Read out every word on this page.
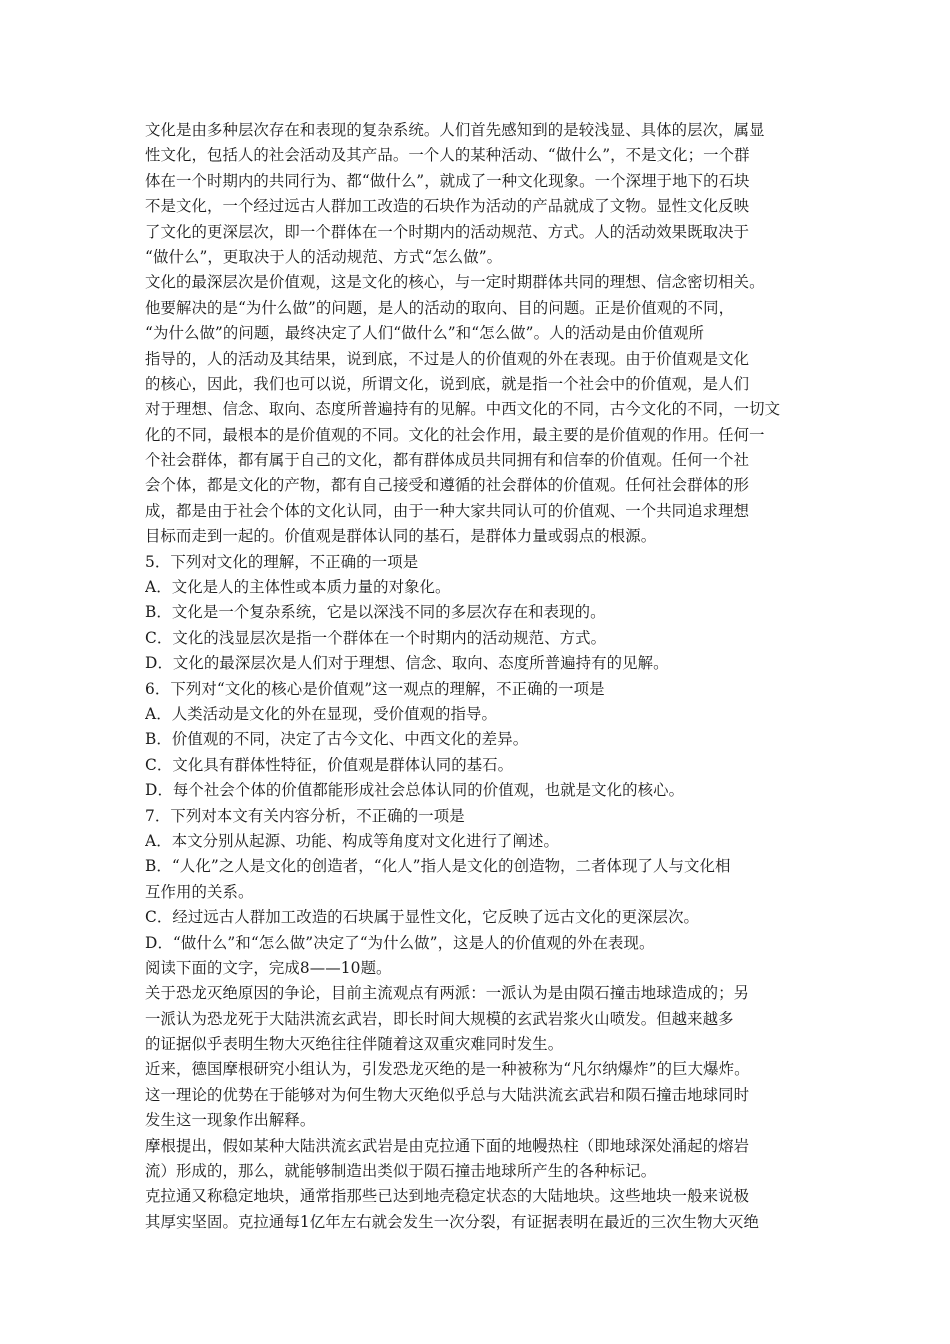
文化是由多种层次存在和表现的复杂系统。人们首先感知到的是较浅显、具体的层次，属显
性文化，包括人的社会活动及其产品。一个人的某种活动、“做什么”，不是文化；一个群
体在一个时期内的共同行为、都“做什么”，就成了一种文化现象。一个深埋于地下的石块
不是文化，一个经过远古人群加工改造的石块作为活动的产品就成了文物。显性文化反映
了文化的更深层次，即一个群体在一个时期内的活动规范、方式。人的活动效果既取决于
“做什么”，更取决于人的活动规范、方式“怎么做”。
文化的最深层次是价值观，这是文化的核心，与一定时期群体共同的理想、信念密切相关。
他要解决的是“为什么做”的问题，是人的活动的取向、目的问题。正是价值观的不同，
“为什么做”的问题，最终决定了人们“做什么”和“怎么做”。人的活动是由价值观所
指导的，人的活动及其结果，说到底，不过是人的价值观的外在表现。由于价值观是文化
的核心，因此，我们也可以说，所谓文化，说到底，就是指一个社会中的价值观，是人们
对于理想、信念、取向、态度所普遍持有的见解。中西文化的不同，古今文化的不同，一切文
化的不同，最根本的是价值观的不同。文化的社会作用，最主要的是价值观的作用。任何一
个社会群体，都有属于自己的文化，都有群体成员共同拥有和信奉的价值观。任何一个社
会个体，都是文化的产物，都有自己接受和遵循的社会群体的价值观。任何社会群体的形
成，都是由于社会个体的文化认同，由于一种大家共同认可的价值观、一个共同追求理想
目标而走到一起的。价值观是群体认同的基石，是群体力量或弱点的根源。
5．下列对文化的理解，不正确的一项是
A．文化是人的主体性或本质力量的对象化。
B．文化是一个复杂系统，它是以深浅不同的多层次存在和表现的。
C．文化的浅显层次是指一个群体在一个时期内的活动规范、方式。
D．文化的最深层次是人们对于理想、信念、取向、态度所普遍持有的见解。
6．下列对“文化的核心是价值观”这一观点的理解，不正确的一项是
A．人类活动是文化的外在显现，受价值观的指导。
B．价值观的不同，决定了古今文化、中西文化的差异。
C．文化具有群体性特征，价值观是群体认同的基石。
D．每个社会个体的价值都能形成社会总体认同的价值观，也就是文化的核心。
7．下列对本文有关内容分析，不正确的一项是
A．本文分别从起源、功能、构成等角度对文化进行了阐述。
B．“人化”之人是文化的创造者，“化人”指人是文化的创造物，二者体现了人与文化相
互作用的关系。
C．经过远古人群加工改造的石块属于显性文化，它反映了远古文化的更深层次。
D．“做什么”和“怎么做”决定了“为什么做”，这是人的价值观的外在表现。
阅读下面的文字，完成8——10题。
关于恐龙灭绝原因的争论，目前主流观点有两派：一派认为是由陨石撞击地球造成的；另
一派认为恐龙死于大陆洪流玄武岩，即长时间大规模的玄武岩浆火山喷发。但越来越多
的证据似乎表明生物大灭绝往往伴随着这双重灾难同时发生。
近来，德国摩根研究小组认为，引发恐龙灭绝的是一种被称为“凡尔纳爆炸”的巨大爆炸。
这一理论的优势在于能够对为何生物大灭绝似乎总与大陆洪流玄武岩和陨石撞击地球同时
发生这一现象作出解释。
摩根提出，假如某种大陆洪流玄武岩是由克拉通下面的地幔热柱（即地球深处涌起的熔岩
流）形成的，那么，就能够制造出类似于陨石撞击地球所产生的各种标记。
克拉通又称稳定地块，通常指那些已达到地壳稳定状态的大陆地块。这些地块一般来说极
其厚实坚固。克拉通每1亿年左右就会发生一次分裂，有证据表明在最近的三次生物大灭绝
